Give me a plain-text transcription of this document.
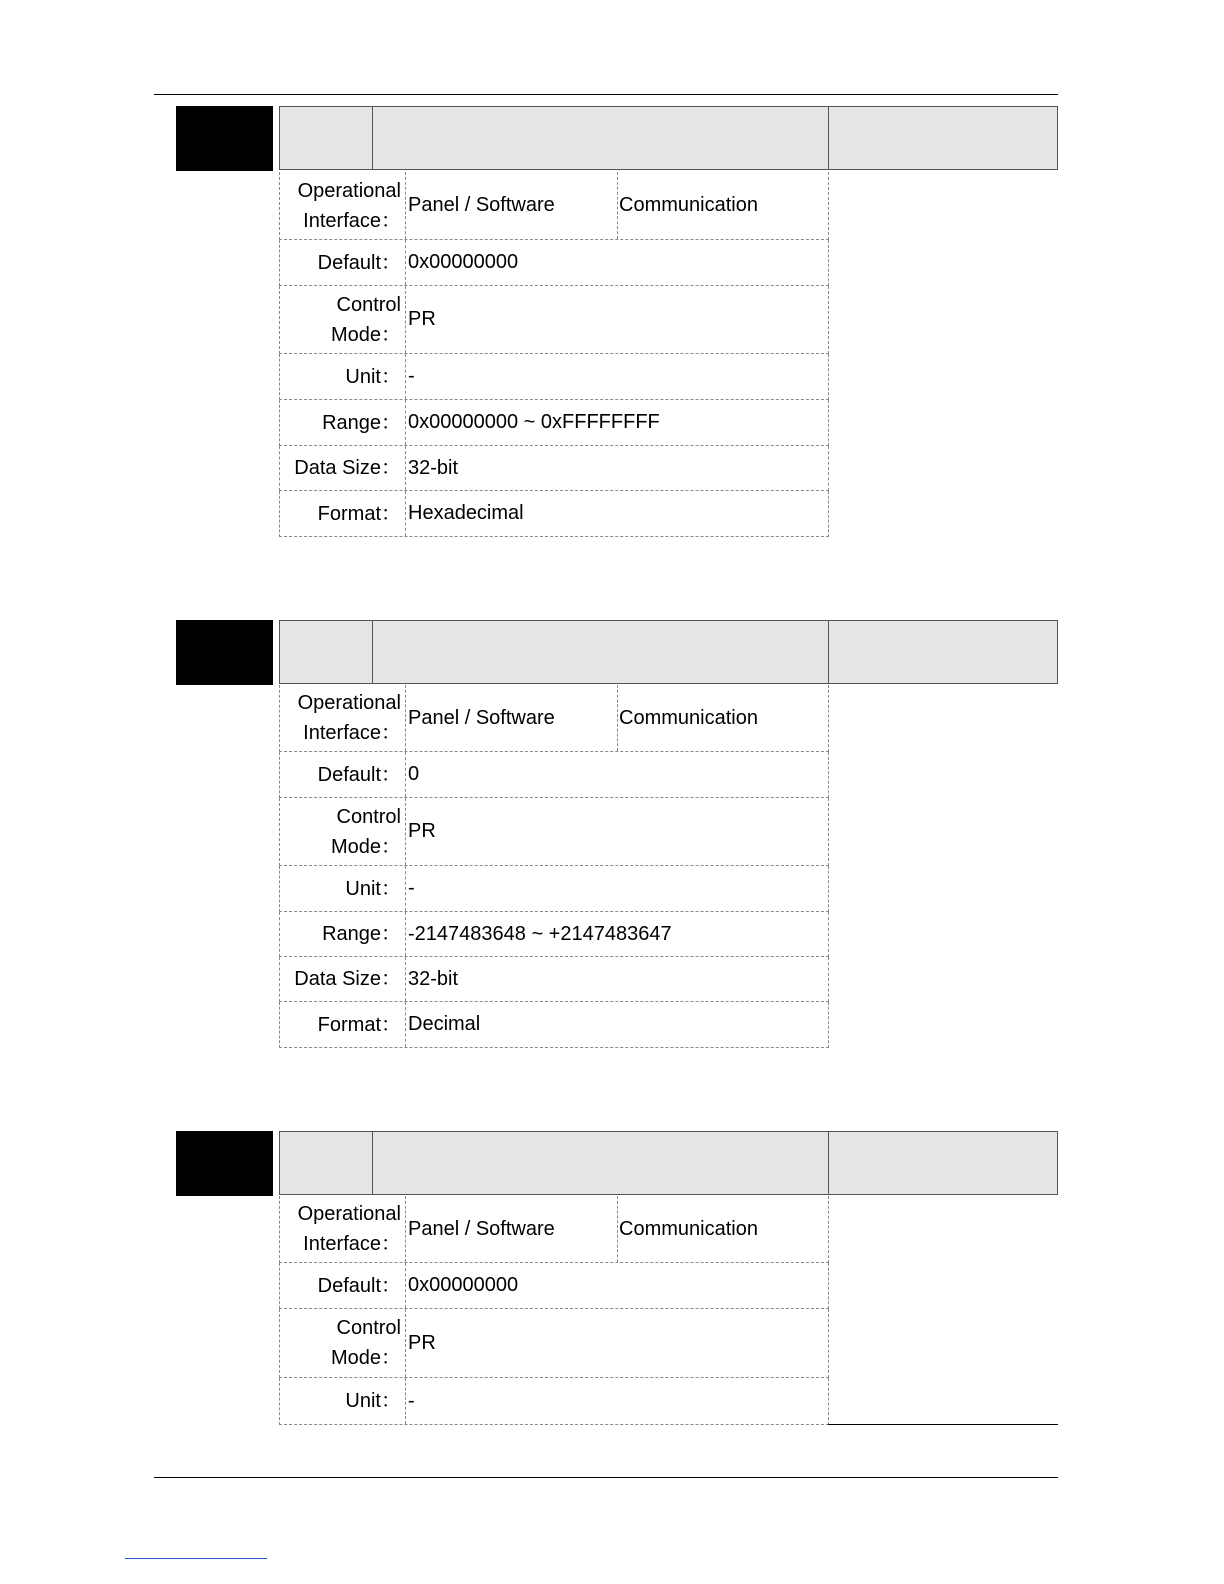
Operational
Interface：
Panel / Software	Communication
Default： 0x00000000
Control
Mode：
PR
Unit： -
Range： 0x00000000 ~ 0xFFFFFFFF
Data Size： 32-bit
Format： Hexadecimal
Operational
Interface：
Panel / Software	Communication
Default： 0
Control
Mode：
PR
Unit： -
Range： -2147483648 ~ +2147483647
Data Size： 32-bit
Format： Decimal
Operational
Interface：
Panel / Software	Communication
Default： 0x00000000
Control
Mode：
PR
Unit： -
